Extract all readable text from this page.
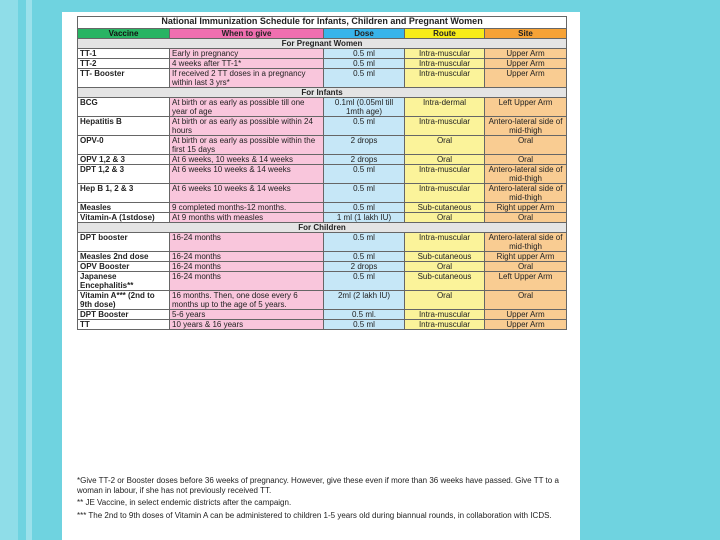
National Immunization Schedule for Infants, Children and Pregnant Women				
Vaccine	When to give	Dose	Route	Site
For Pregnant Women				
TT-1	Early in pregnancy	0.5 ml	Intra-muscular	Upper Arm
TT-2	4 weeks after TT-1*	0.5 ml	Intra-muscular	Upper Arm
TT- Booster	If received 2 TT doses in a pregnancy within last 3 yrs*	0.5 ml	Intra-muscular	Upper Arm
For Infants				
BCG	At birth or as early as possible till one year of age	0.1ml (0.05ml till 1mth age)	Intra-dermal	Left Upper Arm
Hepatitis B	At birth or as early as possible within 24 hours	0.5 ml	Intra-muscular	Antero-lateral side of mid-thigh
OPV-0	At birth or as early as possible within the first 15 days	2 drops	Oral	Oral
OPV 1,2 & 3	At 6 weeks, 10 weeks & 14 weeks	2 drops	Oral	Oral
DPT 1,2 & 3	At 6 weeks 10 weeks & 14 weeks	0.5 ml	Intra-muscular	Antero-lateral side of mid-thigh
Hep B 1, 2 & 3	At 6 weeks 10 weeks & 14 weeks	0.5 ml	Intra-muscular	Antero-lateral side of mid-thigh
Measles	9 completed months-12 months.	0.5 ml	Sub-cutaneous	Right upper Arm
Vitamin-A (1stdose)	At 9 months with measles	1 ml (1 lakh IU)	Oral	Oral
For Children				
DPT booster	16-24 months	0.5 ml	Intra-muscular	Antero-lateral side of mid-thigh
Measles 2nd dose	16-24 months	0.5 ml	Sub-cutaneous	Right upper Arm
OPV Booster	16-24 months	2 drops	Oral	Oral
Japanese Encephalitis**	16-24 months	0.5 ml	Sub-cutaneous	Left Upper Arm
Vitamin A*** (2nd to 9th dose)	16 months. Then, one dose every 6 months up to the age of 5 years.	2ml (2 lakh IU)	Oral	Oral
DPT Booster	5-6 years	0.5 ml.	Intra-muscular	Upper Arm
TT	10 years & 16 years	0.5 ml	Intra-muscular	Upper Arm

*Give TT-2 or Booster doses before 36 weeks of pregnancy. However, give these even if more than 36 weeks have passed. Give TT to a woman in labour, if she has not previously received TT.

** JE Vaccine, in select endemic districts after the campaign.

*** The 2nd to 9th doses of Vitamin A can be administered to children 1-5 years old during biannual rounds, in collaboration with ICDS.
